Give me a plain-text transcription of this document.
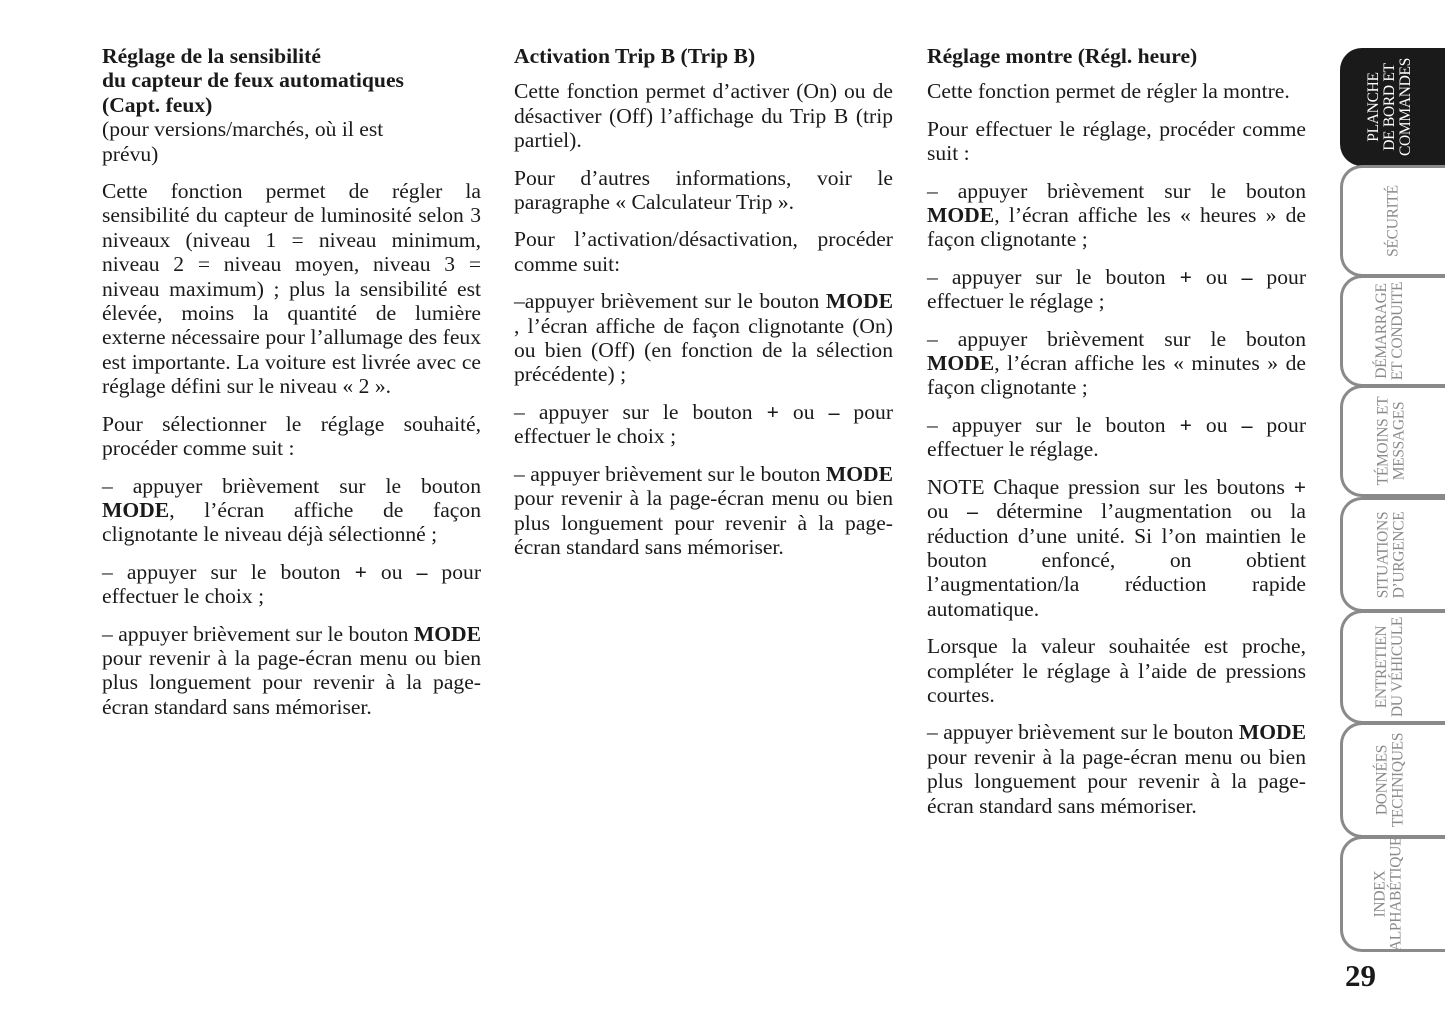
Réglage de la sensibilité
du capteur de feux automatiques
(Capt. feux)

(pour versions/marchés, où il est prévu)

Cette fonction permet de régler la sensibilité du capteur de luminosité selon 3 niveaux (niveau 1 = niveau minimum, niveau 2 = niveau moyen, niveau 3 = niveau maximum) ; plus la sensibilité est élevée, moins la quantité de lumière externe nécessaire pour l’allumage des feux est importante. La voiture est livrée avec ce réglage défini sur le niveau « 2 ».

Pour sélectionner le réglage souhaité, procéder comme suit :

– appuyer brièvement sur le bouton MODE, l’écran affiche de façon clignotante le niveau déjà sélectionné ;

– appuyer sur le bouton + ou – pour effectuer le choix ;

– appuyer brièvement sur le bouton MODE pour revenir à la page-écran menu ou bien plus longuement pour revenir à la page-écran standard sans mémoriser.

Activation Trip B (Trip B)

Cette fonction permet d’activer (On) ou de désactiver (Off) l’affichage du Trip B (trip partiel).

Pour d’autres informations, voir le paragraphe « Calculateur Trip ».

Pour l’activation/désactivation, procéder comme suit:

–appuyer brièvement sur le bouton MODE , l’écran affiche de façon clignotante (On) ou bien (Off) (en fonction de la sélection précédente) ;

– appuyer sur le bouton + ou – pour effectuer le choix ;

– appuyer brièvement sur le bouton MODE pour revenir à la page-écran menu ou bien plus longuement pour revenir à la page-écran standard sans mémoriser.

Réglage montre (Régl. heure)

Cette fonction permet de régler la montre.

Pour effectuer le réglage, procéder comme suit :

– appuyer brièvement sur le bouton MODE, l’écran affiche les « heures » de façon clignotante ;

– appuyer sur le bouton + ou – pour effectuer le réglage ;

– appuyer brièvement sur le bouton MODE, l’écran affiche les « minutes » de façon clignotante ;

– appuyer sur le bouton + ou – pour effectuer le réglage.

NOTE Chaque pression sur les boutons + ou – détermine l’augmentation ou la réduction d’une unité. Si l’on maintien le bouton enfoncé, on obtient l’augmentation/la réduction rapide automatique.

Lorsque la valeur souhaitée est proche, compléter le réglage à l’aide de pressions courtes.

– appuyer brièvement sur le bouton MODE pour revenir à la page-écran menu ou bien plus longuement pour revenir à la page-écran standard sans mémoriser.

PLANCHE DE BORD ET COMMANDES
SÉCURITÉ
DÉMARRAGE ET CONDUITE
TÉMOINS ET MESSAGES
SITUATIONS D’URGENCE
ENTRETIEN DU VÉHICULE
DONNÉES TECHNIQUES
INDEX ALPHABÉTIQUE
29
